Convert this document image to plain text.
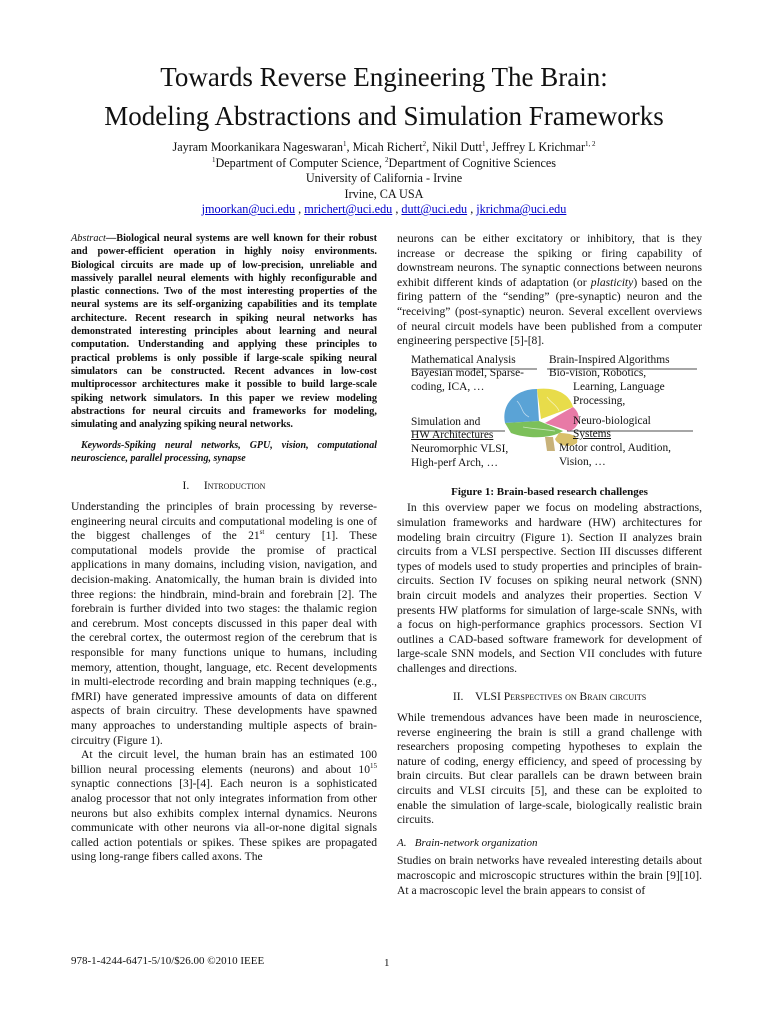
Towards Reverse Engineering The Brain:
Modeling Abstractions and Simulation Frameworks
Jayram Moorkanikara Nageswaran$^1$, Micah Richert$^2$, Nikil Dutt$^1$, Jeffrey L Krichmar$^{1, 2}$
$^1$Department of Computer Science, $^2$Department of Cognitive Sciences
University of California - Irvine
Irvine, CA USA
jmoorkan@uci.edu , mrichert@uci.edu , dutt@uci.edu , jkrichma@uci.edu

Abstract—Biological neural systems are well known for their robust and power-efficient operation in highly noisy environments. Biological circuits are made up of low-precision, unreliable and massively parallel neural elements with highly reconfigurable and plastic connections. Two of the most interesting properties of the neural systems are its self-organizing capabilities and its template architecture. Recent research in spiking neural networks has demonstrated interesting principles about learning and neural computation. Understanding and applying these principles to practical problems is only possible if large-scale spiking neural simulators can be constructed. Recent advances in low-cost multiprocessor architectures make it possible to build large-scale spiking network simulators. In this paper we review modeling abstractions for neural circuits and frameworks for modeling, simulating and analyzing spiking neural networks.

Keywords-Spiking neural networks, GPU, vision, computational neuroscience, parallel processing, synapse

I. Introduction

Understanding the principles of brain processing by reverse-engineering neural circuits and computational modeling is one of the biggest challenges of the 21st century [1]. These computational models provide the promise of practical applications in many domains, including vision, navigation, and decision-making. Anatomically, the human brain is divided into three regions: the hindbrain, mind-brain and forebrain [2]. The forebrain is further divided into two stages: the thalamic region and cerebrum. Most concepts discussed in this paper deal with the cerebral cortex, the outermost region of the cerebrum that is responsible for many functions unique to humans, including memory, attention, thought, language, etc. Recent developments in multi-electrode recording and brain mapping techniques (e.g., fMRI) have generated impressive amounts of data on different aspects of brain circuitry. These developments have spawned many approaches to understanding multiple aspects of brain-circuitry (Figure 1).

At the circuit level, the human brain has an estimated 100 billion neural processing elements (neurons) and about $10^{15}$ synaptic connections [3]-[4]. Each neuron is a sophisticated analog processor that not only integrates information from other neurons but also exhibits complex internal dynamics. Neurons communicate with other neurons via all-or-none digital signals called action potentials or spikes. These spikes are propagated using long-range fibers called axons. The

neurons can be either excitatory or inhibitory, that is they increase or decrease the spiking or firing capability of downstream neurons. The synaptic connections between neurons exhibit different kinds of adaptation (or plasticity) based on the firing pattern of the “sending” (pre-synaptic) neuron and the “receiving” (post-synaptic) neuron. Several excellent overviews of neural circuit models have been published from a computer engineering perspective [5]-[8].

Mathematical Analysis
Bayesian model, Sparse-
coding, ICA, …
Brain-Inspired Algorithms
Bio-vision, Robotics,
Learning, Language
Processing,
Simulation and
HW Architectures
Neuromorphic VLSI,
High-perf Arch, …
Neuro-biological
Systems
Motor control, Audition,
Vision, …
Figure 1: Brain-based research challenges

In this overview paper we focus on modeling abstractions, simulation frameworks and hardware (HW) architectures for modeling brain circuitry (Figure 1). Section II analyzes brain circuits from a VLSI perspective. Section III discusses different types of models used to study properties and principles of brain-circuits. Section IV focuses on spiking neural network (SNN) brain circuit models and analyzes their properties. Section V presents HW platforms for simulation of large-scale SNNs, with a focus on high-performance graphics processors. Section VI outlines a CAD-based software framework for development of large-scale SNN models, and Section VII concludes with future challenges and directions.

II. VLSI Perspectives on Brain circuits

While tremendous advances have been made in neuroscience, reverse engineering the brain is still a grand challenge with researchers proposing competing hypotheses to explain the nature of coding, energy efficiency, and speed of processing by brain circuits. But clear parallels can be drawn between brain circuits and VLSI circuits [5], and these can be exploited to enable the simulation of large-scale, biologically realistic brain circuits.

A. Brain-network organization

Studies on brain networks have revealed interesting details about macroscopic and microscopic structures within the brain [9][10]. At a macroscopic level the brain appears to consist of

978-1-4244-6471-5/10/$26.00 ©2010 IEEE	1
